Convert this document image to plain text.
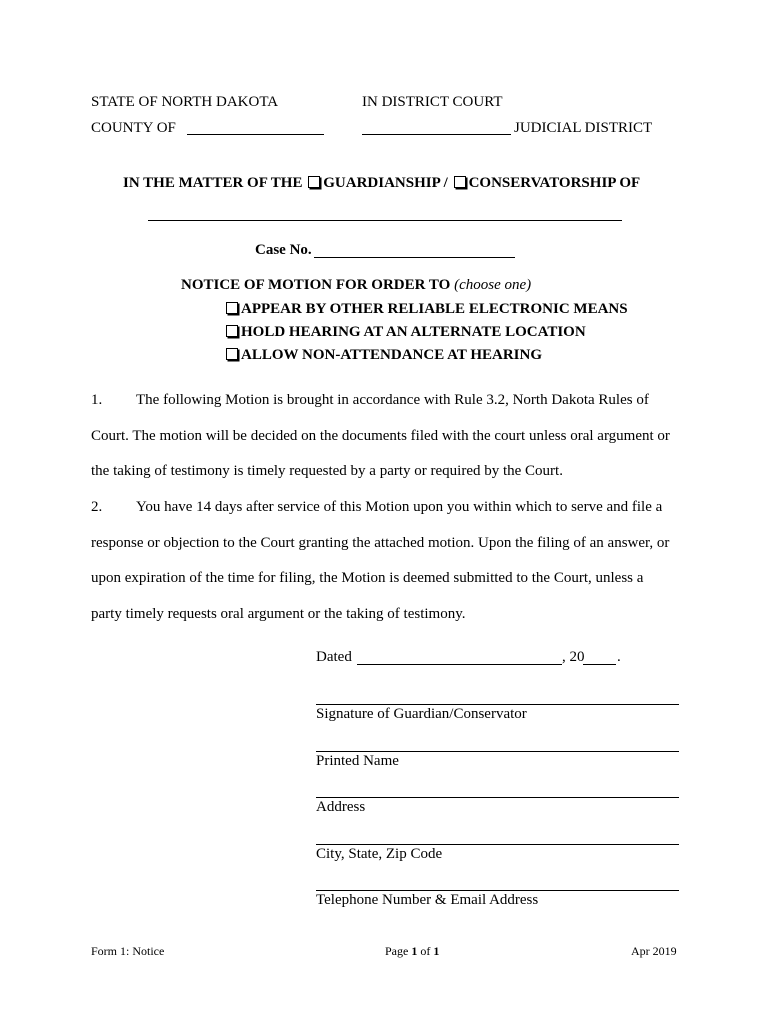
STATE OF NORTH DAKOTA	IN DISTRICT COURT
COUNTY OF	JUDICIAL DISTRICT
IN THE MATTER OF THE GUARDIANSHIP / CONSERVATORSHIP OF
Case No.
NOTICE OF MOTION FOR ORDER TO (choose one)
APPEAR BY OTHER RELIABLE ELECTRONIC MEANS
HOLD HEARING AT AN ALTERNATE LOCATION
ALLOW NON-ATTENDANCE AT HEARING
1. The following Motion is brought in accordance with Rule 3.2, North Dakota Rules of
Court. The motion will be decided on the documents filed with the court unless oral argument or
the taking of testimony is timely requested by a party or required by the Court.
2. You have 14 days after service of this Motion upon you within which to serve and file a
response or objection to the Court granting the attached motion. Upon the filing of an answer, or
upon expiration of the time for filing, the Motion is deemed submitted to the Court, unless a
party timely requests oral argument or the taking of testimony.
Dated	, 20 .
Signature of Guardian/Conservator
Printed Name
Address
City, State, Zip Code
Telephone Number & Email Address
Form 1: Notice	Page 1 of 1	Apr 2019
